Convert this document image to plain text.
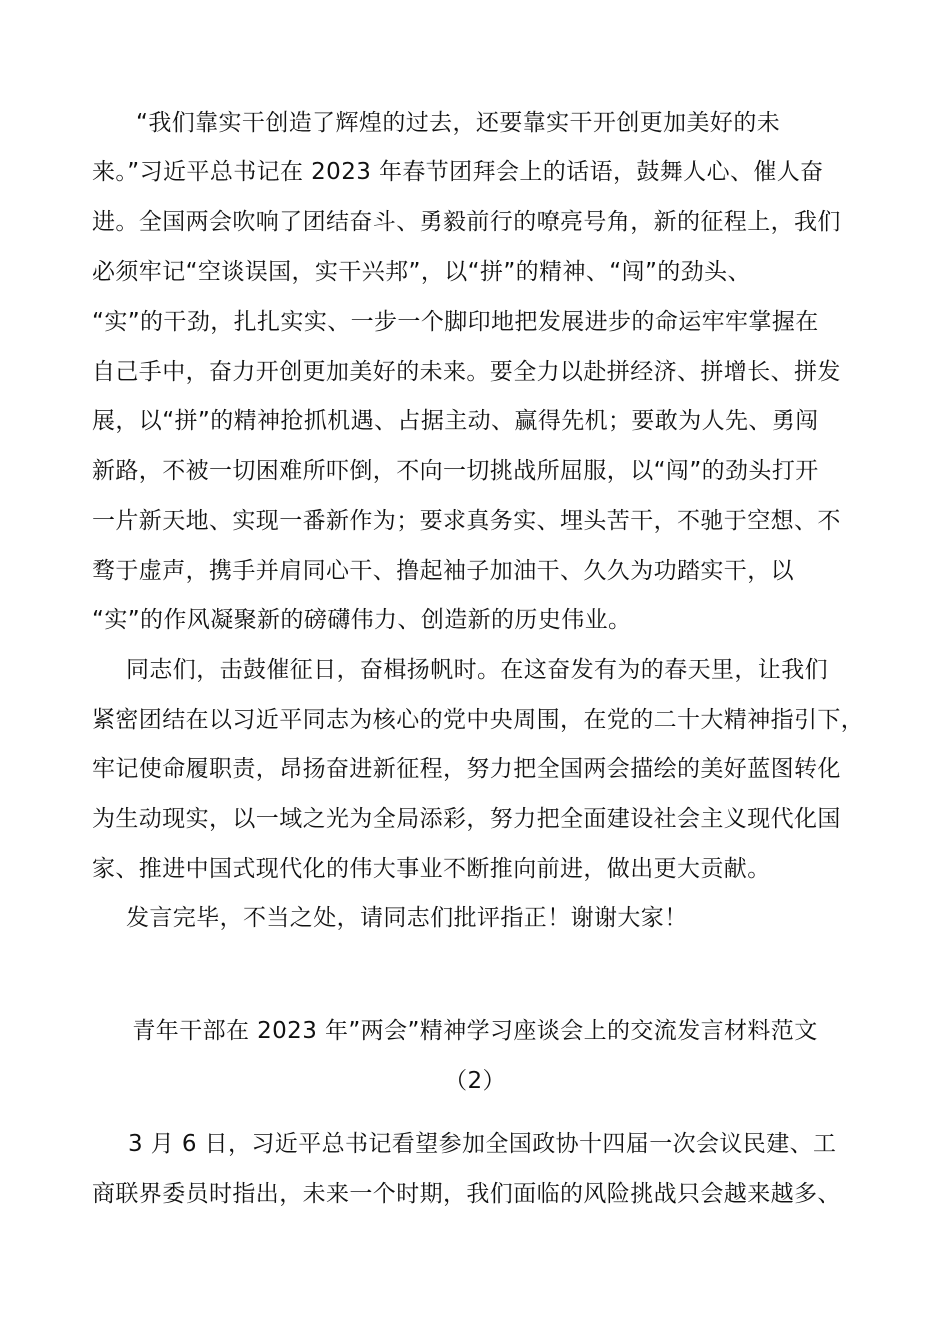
“我们靠实干创造了辉煌的过去，还要靠实干开创更加美好的未
来。”习近平总书记在 2023 年春节团拜会上的话语，鼓舞人心、催人奋
进。全国两会吹响了团结奋斗、勇毅前行的嘹亮号角，新的征程上，我们
必须牢记“空谈误国，实干兴邦”，以“拼”的精神、“闯”的劲头、
“实”的干劲，扎扎实实、一步一个脚印地把发展进步的命运牢牢掌握在
自己手中，奋力开创更加美好的未来。要全力以赴拼经济、拼增长、拼发
展，以“拼”的精神抢抓机遇、占据主动、赢得先机；要敢为人先、勇闯
新路，不被一切困难所吓倒，不向一切挑战所屈服，以“闯”的劲头打开
一片新天地、实现一番新作为；要求真务实、埋头苦干，不驰于空想、不
骛于虚声，携手并肩同心干、撸起袖子加油干、久久为功踏实干，以
“实”的作风凝聚新的磅礴伟力、创造新的历史伟业。
同志们，击鼓催征日，奋楫扬帆时。在这奋发有为的春天里，让我们
紧密团结在以习近平同志为核心的党中央周围，在党的二十大精神指引下，
牢记使命履职责，昂扬奋进新征程，努力把全国两会描绘的美好蓝图转化
为生动现实，以一域之光为全局添彩，努力把全面建设社会主义现代化国
家、推进中国式现代化的伟大事业不断推向前进，做出更大贡献。
发言完毕，不当之处，请同志们批评指正！谢谢大家！
青年干部在 2023 年”两会”精神学习座谈会上的交流发言材料范文
（2）
3 月 6 日，习近平总书记看望参加全国政协十四届一次会议民建、工
商联界委员时指出，未来一个时期，我们面临的风险挑战只会越来越多、
